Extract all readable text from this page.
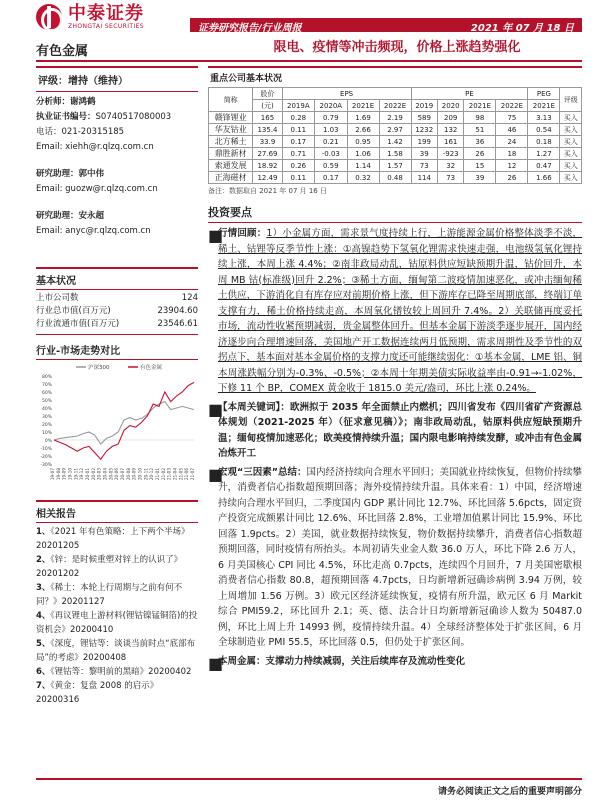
中泰证券
ZHONGTAI SECURITIES	证券研究报告/行业周报	2021 年 07 月 18 日
有色金属	限电、疫情等冲击频现，价格上涨趋势强化
评级：增持（维持）
分析师：谢鸿鹤
执业证书编号：S0740517080003
电话：021-20315185
Email: xiehh@r.qlzq.com.cn
研究助理：郭中伟
Email: guozw@r.qlzq.com.cn
研究助理：安永超
Email: anyc@r.qlzq.com.cn
基本状况
上市公司数	124
行业总市值(百万元)	23904.60
行业流通市值(百万元)	23546.61
行业-市场走势对比
80%
70%
60%
50%
40%
30%
20%
10%
0%
-10%
-20%
-30%
19-07 19-08 19-09 19-10 19-11 19-12 20-01 20-02 20-03 20-04 20-05 20-06 20-07 20-08 20-09 20-10 20-11 20-12 21-01 21-02 21-03 21-04 21-05 21-06 21-07
沪深300	有色金属
相关报告
1、《2021 年有色策略：上下两个半场》20201205
2、《锌：是时候重塑对锌上的认识了》20201202
3、《稀土：本轮上行周期与之前有何不同？》20201127
4、《再议锂电上游材料(锂钴镍锰铜箔)的投资机会》20200410
5、《深度，锂钴等：谈谈当前时点“底部布局”的考虑》20200408
6、《锂钴等：黎明前的黑暗》20200402
7、《黄金：复盘 2008 的启示》20200316
重点公司基本状况
简称	股价	EPS				PE				PEG	评级
	(元)	2019A	2020A	2021E	2022E	2019	2020	2021E	2022E	2021E	
赣锋锂业	165	0.28	0.79	1.69	2.19	589	209	98	75	3.13	买入
华友钴业	135.4	0.11	1.03	2.66	2.97	1232	132	51	46	0.54	买入
北方稀土	33.9	0.17	0.21	0.95	1.42	199	161	36	24	0.18	买入
鼎胜新材	27.69	0.71	-0.03	1.06	1.58	39	-923	26	18	1.27	买入
索通发展	18.92	0.26	0.59	1.14	1.57	73	32	15	12	0.47	买入
正海磁材	12.49	0.11	0.17	0.32	0.48	114	73	39	26	1.66	买入
备注：数据取自 2021 年 07 月 16 日
投资要点
■
行情回顾：1）小金属方面，需求景气度持续上行，上游能源金属价格整体淡季不淡，稀土、钴锂等反季节性上涨：①高镍趋势下氢氧化锂需求快速走强，电池级氢氧化锂持续上涨，本周上涨 4.4%；②南非政局动乱，钴原料供应短缺预期升温，钴价回升，本周 MB 钴(标准级)回升 2.2%；③稀土方面，缅甸第二波疫情加速恶化，或冲击缅甸稀土供应，下游消化自有库存应对前期价格上涨，但下游库存已降至周期底部，终端订单支撑有力，稀土价格持续走高，本周氧化镨钕较上周回升 7.4%。2）关联储再度妥托市场，流动性收紧预期减弱，贵金属整体回升。但基本金属下游淡季逐步展开，国内经济逐步向合理增速回落，美国地产开工数据连续两月低预期，需求周期性及季节性的双拐点下，基本面对基本金属价格的支撑力度还可能继续弱化：①基本金属，LME 铝、铜本周涨跌幅分别为-0.3%、-0.5%；②本周十年期美债实际收益率由-0.91→-1.02%，下修 11 个 BP，COMEX 黄金收于 1815.0 美元/盎司，环比上涨 0.24%。
■
【本周关键词】：欧洲拟于 2035 年全面禁止内燃机；四川省发布《四川省矿产资源总体规划（2021-2025 年）（征求意见稿）》；南非政局动乱，钴原料供应短缺预期升温；缅甸疫情加速恶化；欧美疫情持续升温；国内限电影响持续发酵，或冲击有色金属冶炼开工
■
宏观“三因素”总结：国内经济持续向合理水平回归；美国就业持续恢复，但物价持续攀升，消费者信心指数超预期回落；海外疫情持续升温。具体来看：1）中国，经济增速持续向合理水平回归，二季度国内 GDP 累计同比 12.7%、环比回落 5.6pcts，固定资产投资完成额累计同比 12.6%、环比回落 2.8%，工业增加值累计同比 15.9%、环比回落 1.9pcts。2）美国，就业数据持续恢复，物价数据持续攀升，消费者信心指数超预期回落，同时疫情有所抬头。本周初请失业金人数 36.0 万人，环比下降 2.6 万人，6 月美国核心 CPI 同比 4.5%，环比走高 0.7pcts，连续四个月回升，7 月美国密歇根消费者信心指数 80.8，超预期回落 4.7pcts，日均新增新冠确诊病例 3.94 万例，较上周增加 1.56 万例。3）欧元区经济延续恢复，疫情有所升温，欧元区 6 月 Markit 综合 PMI59.2，环比回升 2.1；英、德、法合计日均新增新冠确诊人数为 50487.0 例，环比上周上升 14993 例，疫情持续升温。4）全球经济整体处于扩张区间，6 月全球制造业 PMI 55.5，环比回落 0.5，但仍处于扩张区间。
■
本周金属：支撑动力持续减弱，关注后续库存及流动性变化
请务必阅读正文之后的重要声明部分
